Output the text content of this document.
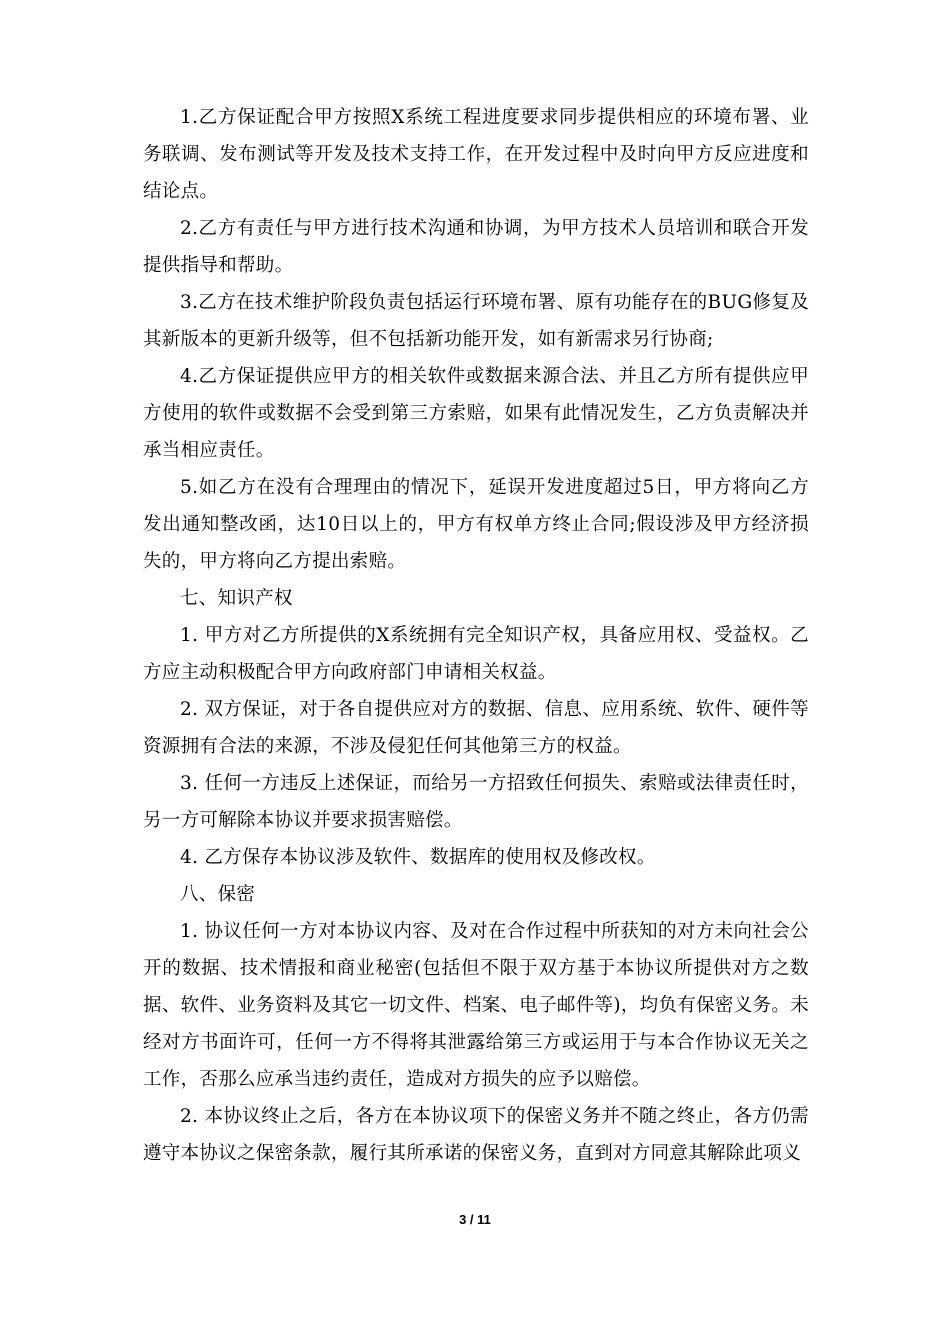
1.乙方保证配合甲方按照X系统工程进度要求同步提供相应的环境布署、业务联调、发布测试等开发及技术支持工作，在开发过程中及时向甲方反应进度和结论点。

2.乙方有责任与甲方进行技术沟通和协调，为甲方技术人员培训和联合开发提供指导和帮助。

3.乙方在技术维护阶段负责包括运行环境布署、原有功能存在的BUG修复及其新版本的更新升级等，但不包括新功能开发，如有新需求另行协商;

4.乙方保证提供应甲方的相关软件或数据来源合法、并且乙方所有提供应甲方使用的软件或数据不会受到第三方索赔，如果有此情况发生，乙方负责解决并承当相应责任。

5.如乙方在没有合理理由的情况下，延误开发进度超过5日，甲方将向乙方发出通知整改函，达10日以上的，甲方有权单方终止合同;假设涉及甲方经济损失的，甲方将向乙方提出索赔。

七、知识产权

1. 甲方对乙方所提供的X系统拥有完全知识产权，具备应用权、受益权。乙方应主动积极配合甲方向政府部门申请相关权益。

2. 双方保证，对于各自提供应对方的数据、信息、应用系统、软件、硬件等资源拥有合法的来源，不涉及侵犯任何其他第三方的权益。

3. 任何一方违反上述保证，而给另一方招致任何损失、索赔或法律责任时，另一方可解除本协议并要求损害赔偿。

4. 乙方保存本协议涉及软件、数据库的使用权及修改权。

八、保密

1. 协议任何一方对本协议内容、及对在合作过程中所获知的对方未向社会公开的数据、技术情报和商业秘密(包括但不限于双方基于本协议所提供对方之数据、软件、业务资料及其它一切文件、档案、电子邮件等)，均负有保密义务。未经对方书面许可，任何一方不得将其泄露给第三方或运用于与本合作协议无关之工作，否那么应承当违约责任，造成对方损失的应予以赔偿。

2. 本协议终止之后，各方在本协议项下的保密义务并不随之终止，各方仍需遵守本协议之保密条款，履行其所承诺的保密义务，直到对方同意其解除此项义

3 / 11
